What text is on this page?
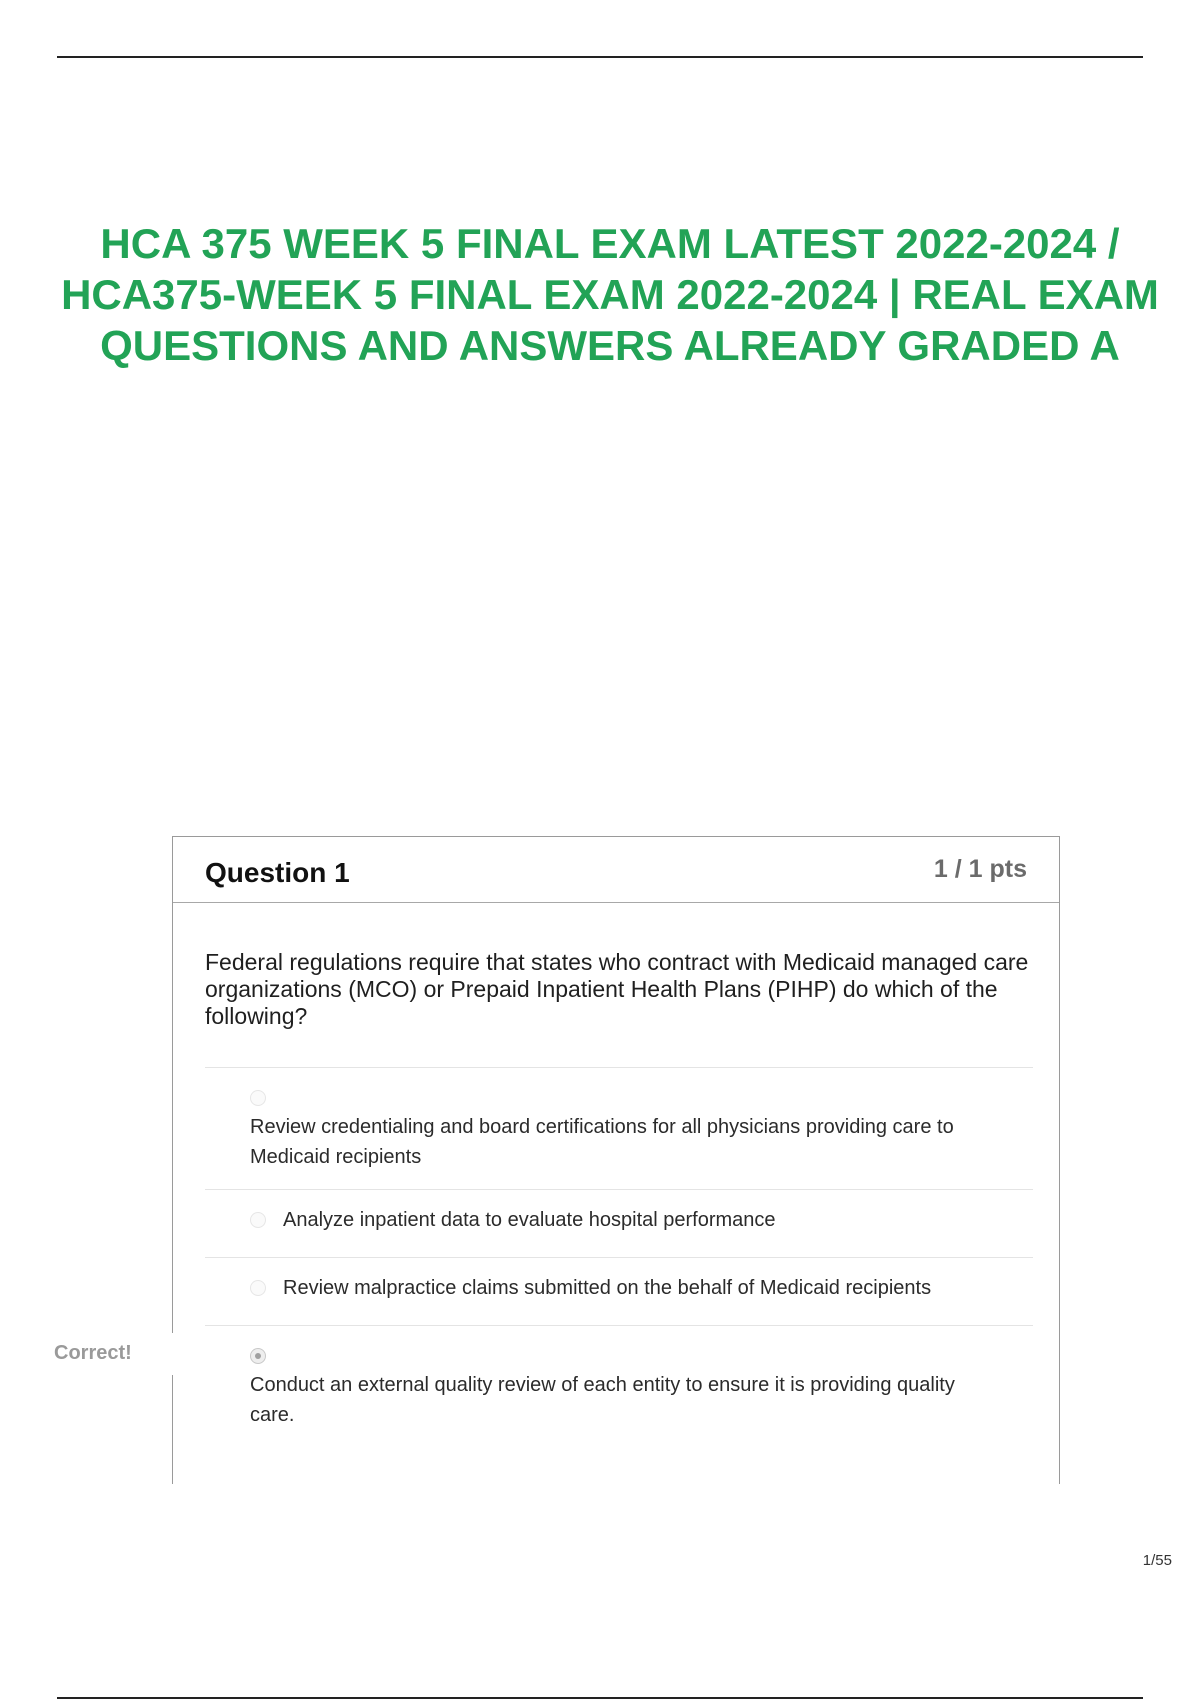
HCA 375 WEEK 5 FINAL EXAM LATEST 2022-2024 / HCA375-WEEK 5 FINAL EXAM 2022-2024 | REAL EXAM QUESTIONS AND ANSWERS ALREADY GRADED A
Question 1	1 / 1 pts
Federal regulations require that states who contract with Medicaid managed care organizations (MCO) or Prepaid Inpatient Health Plans (PIHP) do which of the following?
Review credentialing and board certifications for all physicians providing care to Medicaid recipients
Analyze inpatient data to evaluate hospital performance
Review malpractice claims submitted on the behalf of Medicaid recipients
Conduct an external quality review of each entity to ensure it is providing quality care.
Correct!
1/55
